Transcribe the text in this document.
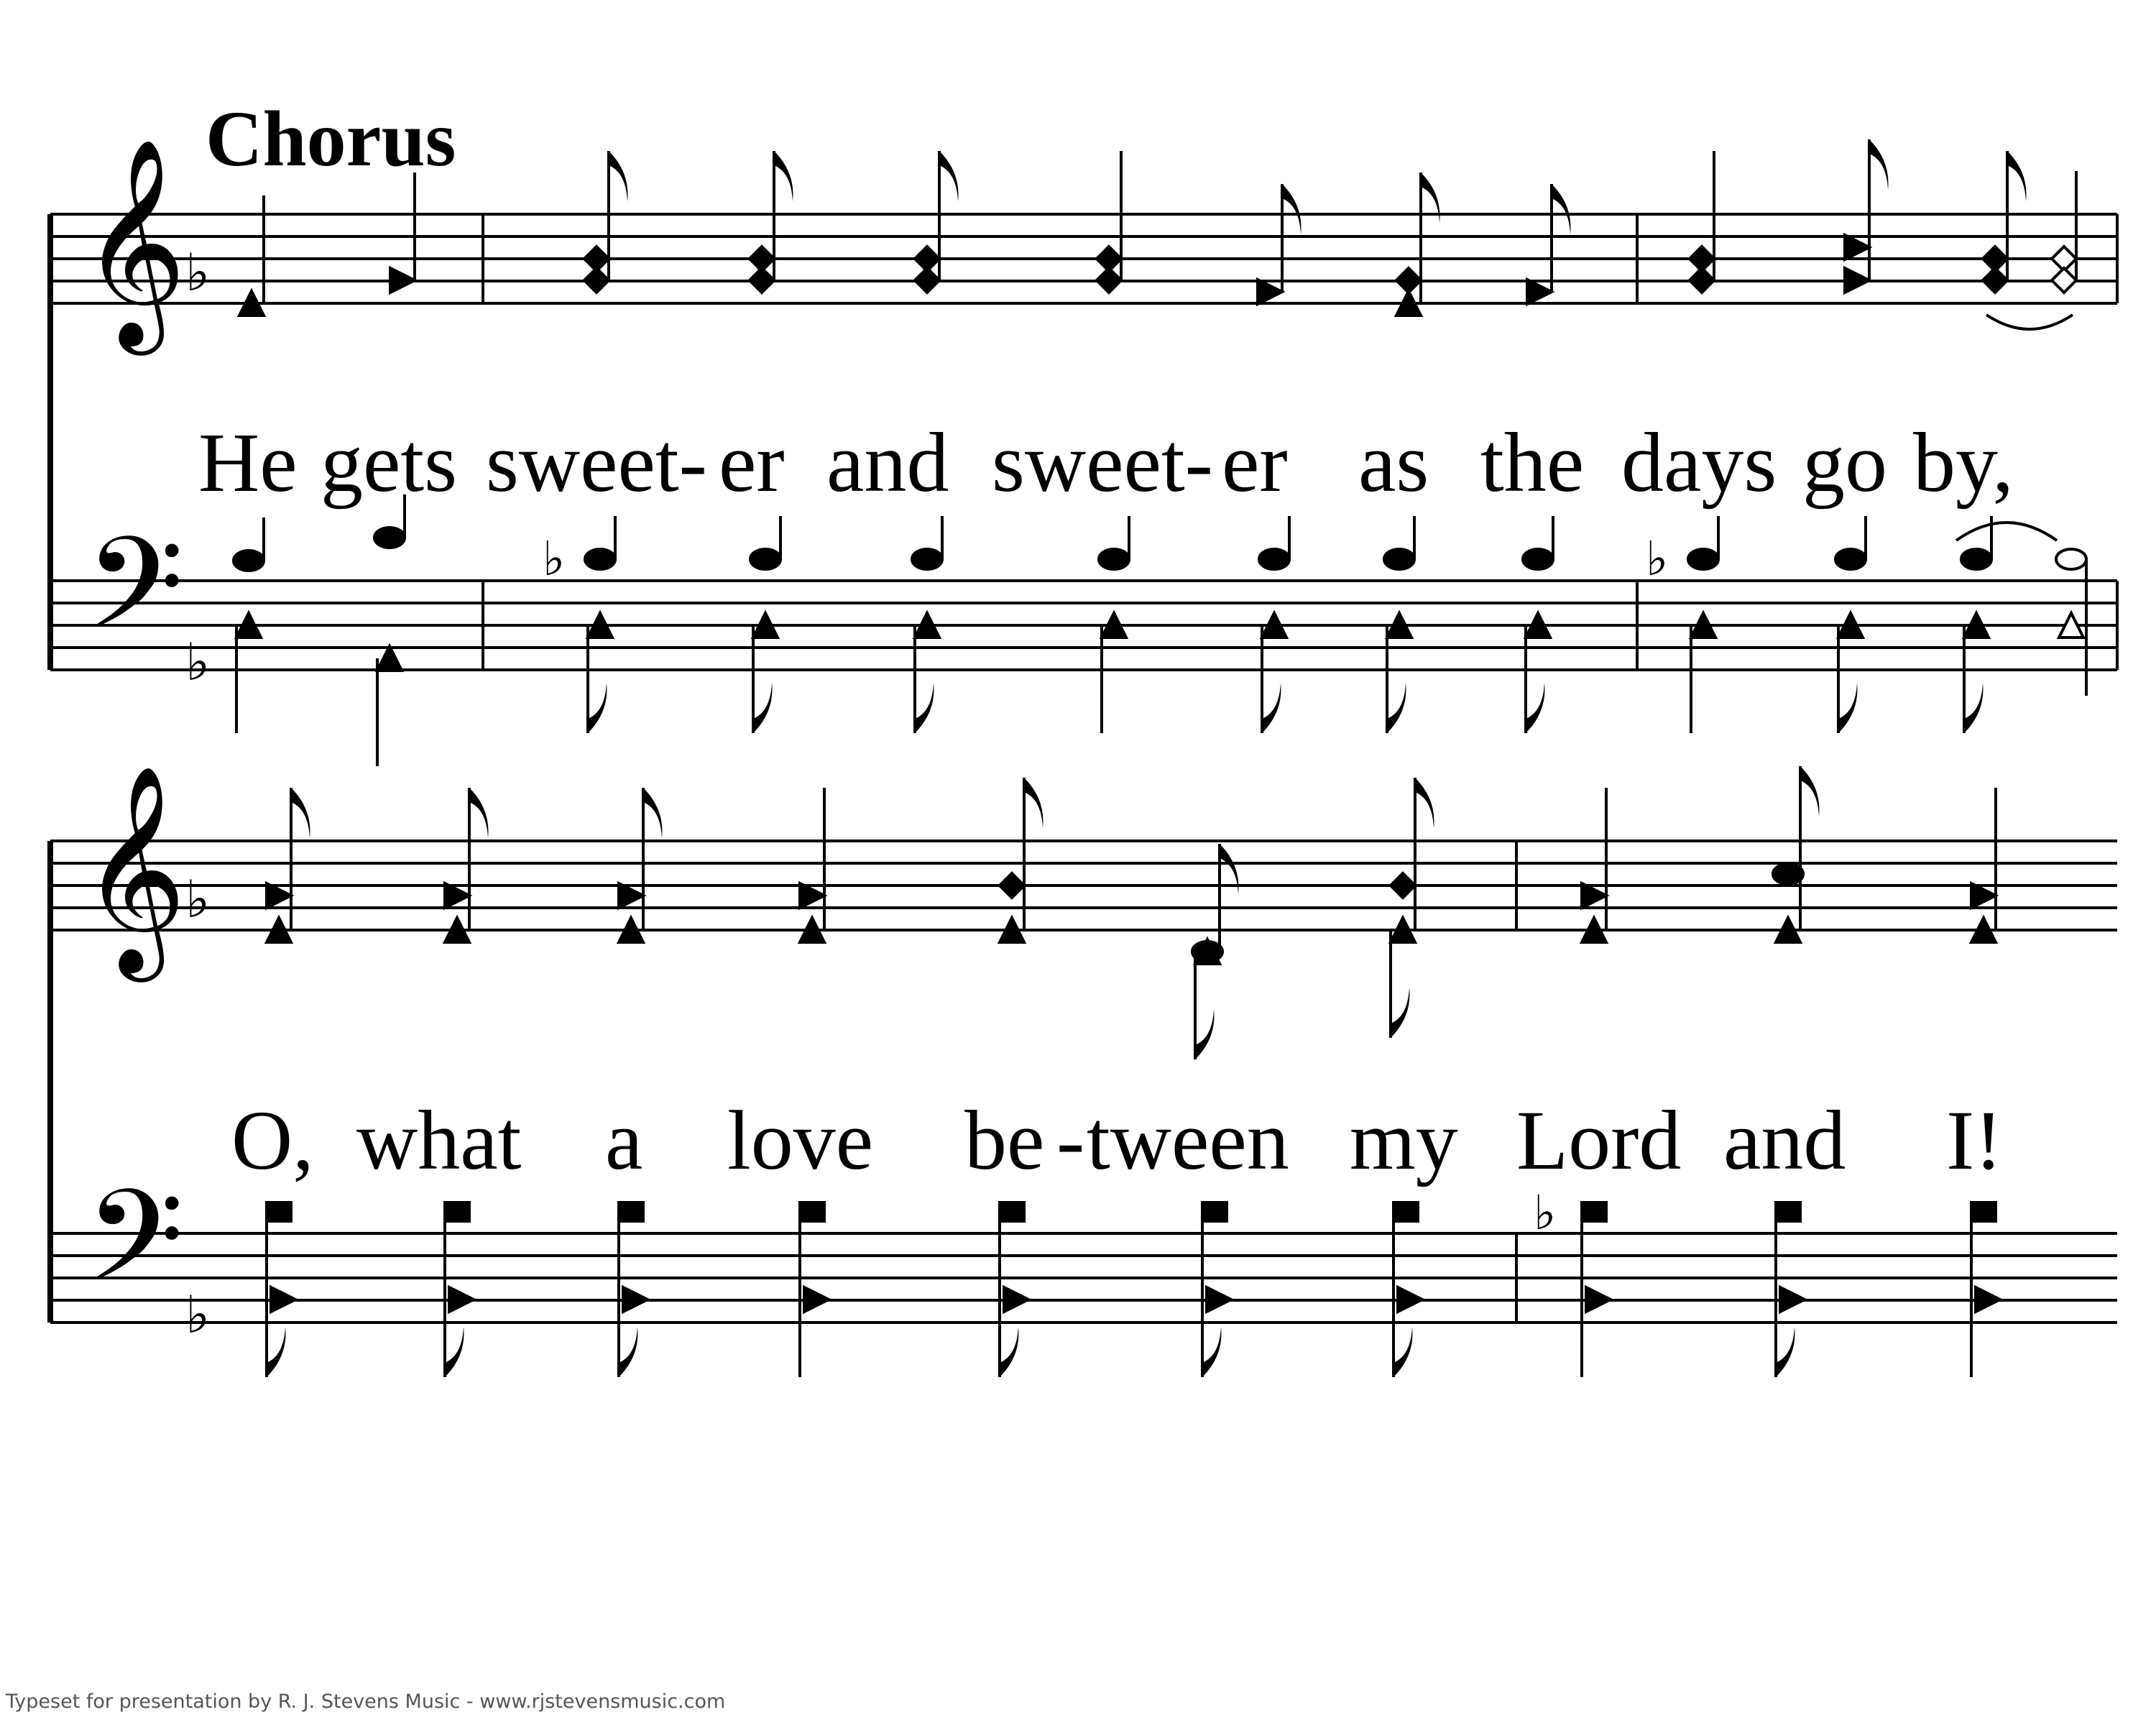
𝄞
𝄢
♭
♭
♭	♭
𝄞
𝄢
♭
♭
♭
Chorus
He gets sweet- er and sweet- er as the days go by,
O, what a love be - tween my Lord and I!
Typeset for presentation by R. J. Stevens Music - www.rjstevensmusic.com
